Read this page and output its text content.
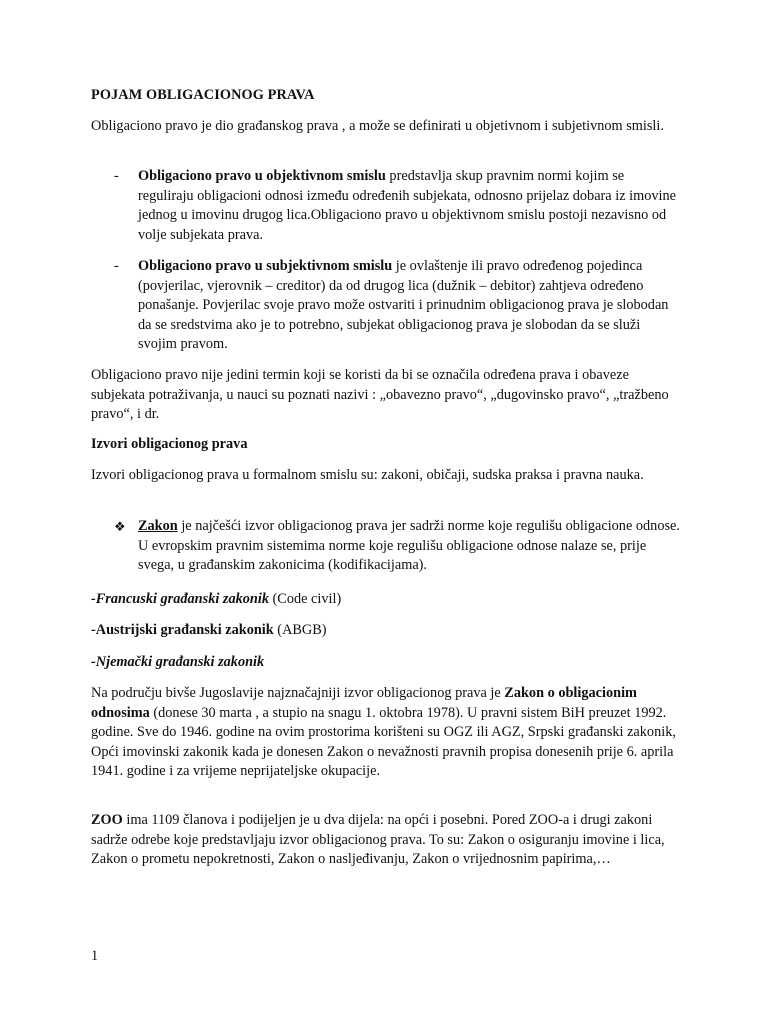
POJAM OBLIGACIONOG PRAVA

Obligaciono pravo je dio građanskog prava , a može se definirati u objetivnom i subjetivnom smisli.

- Obligaciono pravo u objektivnom smislu predstavlja skup pravnim normi kojim se reguliraju obligacioni odnosi između određenih subjekata, odnosno prijelaz dobara iz imovine jednog u imovinu drugog lica.Obligaciono pravo u objektivnom smislu postoji nezavisno od volje subjekata prava.

- Obligaciono pravo u subjektivnom smislu je ovlaštenje ili pravo određenog pojedinca (povjerilac, vjerovnik – creditor) da od drugog lica (dužnik – debitor) zahtjeva određeno ponašanje. Povjerilac svoje pravo može ostvariti i prinudnim obligacionog prava je slobodan da se sredstvima ako je to potrebno, subjekat obligacionog prava je slobodan da se služi svojim pravom.

Obligaciono pravo nije jedini termin koji se koristi da bi se označila određena prava i obaveze subjekata potraživanja, u nauci su poznati nazivi : „obavezno pravo“, „dugovinsko pravo“, „tražbeno pravo“, i dr.

Izvori obligacionog prava

Izvori obligacionog prava u formalnom smislu su: zakoni, običaji, sudska praksa i pravna nauka.

❖ Zakon je najčešći izvor obligacionog prava jer sadrži norme koje regulišu obligacione odnose. U evropskim pravnim sistemima norme koje regulišu obligacione odnose nalaze se, prije svega, u građanskim zakonicima (kodifikacijama).

-Francuski građanski zakonik (Code civil)

-Austrijski građanski zakonik (ABGB)

-Njemački građanski zakonik

Na području bivše Jugoslavije najznačajniji izvor obligacionog prava je Zakon o obligacionim odnosima (donese 30 marta , a stupio na snagu 1. oktobra 1978). U pravni sistem BiH preuzet 1992. godine. Sve do 1946. godine na ovim prostorima korišteni su OGZ ili AGZ, Srpski građanski zakonik, Opći imovinski zakonik kada je donesen Zakon o nevažnosti pravnih propisa donesenih prije 6. aprila 1941. godine i za vrijeme neprijateljske okupacije.

ZOO ima 1109 članova i podijeljen je u dva dijela: na opći i posebni. Pored ZOO-a i drugi zakoni sadrže odrebe koje predstavljaju izvor obligacionog prava. To su: Zakon o osiguranju imovine i lica, Zakon o prometu nepokretnosti, Zakon o nasljeđivanju, Zakon o vrijednosnim papirima,…

1
